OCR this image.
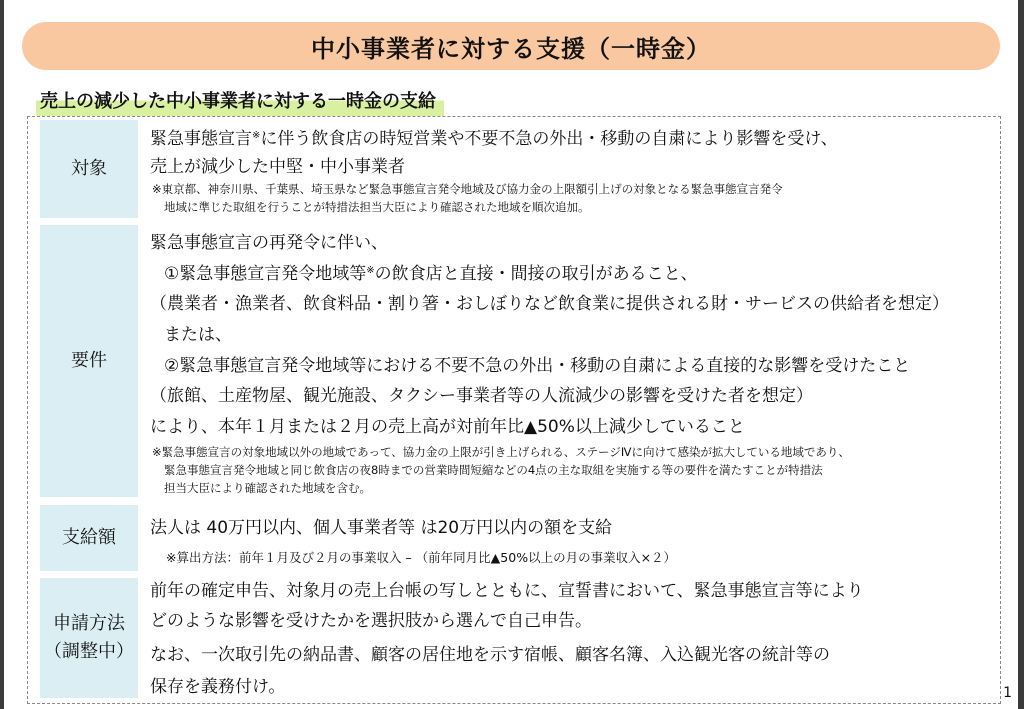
中小事業者に対する支援（一時金）
売上の減少した中小事業者に対する一時金の支給
対象
緊急事態宣言※に伴う飲食店の時短営業や不要不急の外出・移動の自粛により影響を受け、
売上が減少した中堅・中小事業者
※東京都、神奈川県、千葉県、埼玉県など緊急事態宣言発令地域及び協力金の上限額引上げの対象となる緊急事態宣言発令
地域に準じた取組を行うことが特措法担当大臣により確認された地域を順次追加。
要件
緊急事態宣言の再発令に伴い、
①緊急事態宣言発令地域等※の飲食店と直接・間接の取引があること、
（農業者・漁業者、飲食料品・割り箸・おしぼりなど飲食業に提供される財・サービスの供給者を想定）
または、
②緊急事態宣言発令地域等における不要不急の外出・移動の自粛による直接的な影響を受けたこと
（旅館、土産物屋、観光施設、タクシー事業者等の人流減少の影響を受けた者を想定）
により、本年１月または２月の売上高が対前年比▲50%以上減少していること
※緊急事態宣言の対象地域以外の地域であって、協力金の上限が引き上げられる、ステージⅣに向けて感染が拡大している地域であり、
緊急事態宣言発令地域と同じ飲食店の夜8時までの営業時間短縮などの4点の主な取組を実施する等の要件を満たすことが特措法
担当大臣により確認された地域を含む。
支給額	法人は 40万円以内、個人事業者等 は20万円以内の額を支給
※算出方法：前年１月及び２月の事業収入 – （前年同月比▲50%以上の月の事業収入×２）
申請方法
（調整中）
前年の確定申告、対象月の売上台帳の写しとともに、宣誓書において、緊急事態宣言等により
どのような影響を受けたかを選択肢から選んで自己申告。
なお、一次取引先の納品書、顧客の居住地を示す宿帳、顧客名簿、入込観光客の統計等の
保存を義務付け。	1
